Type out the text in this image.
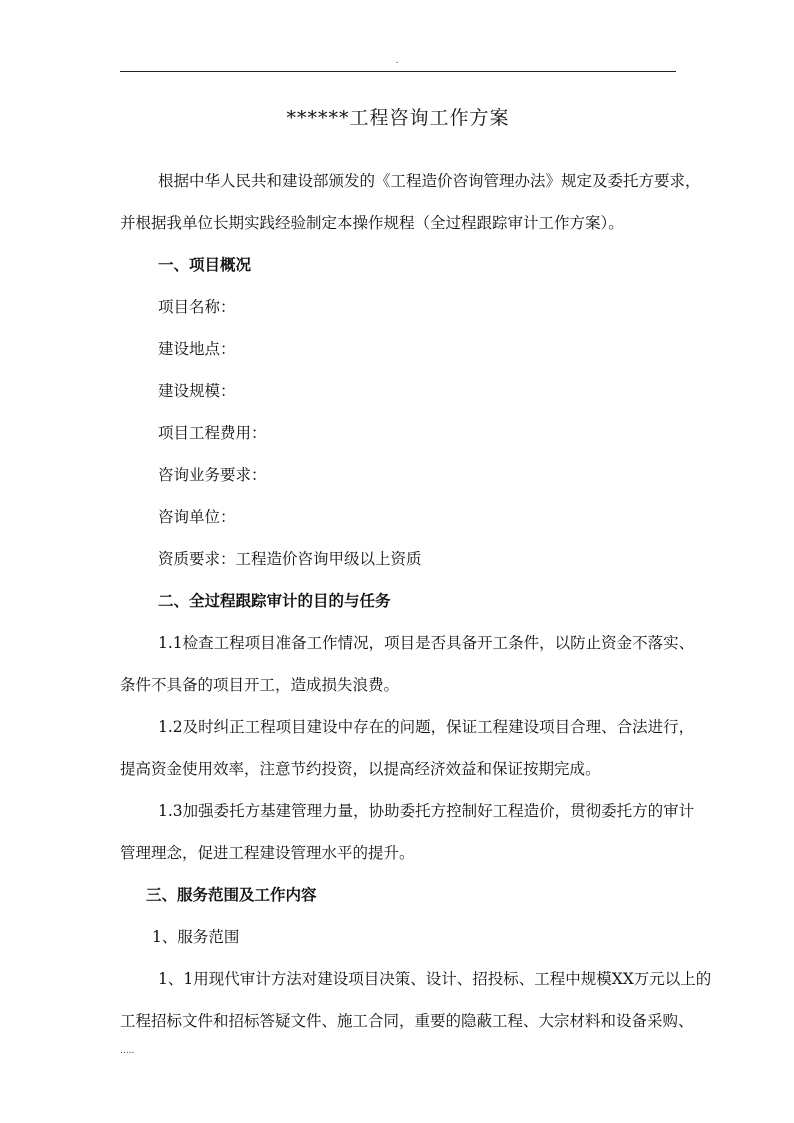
.
******工程咨询工作方案
根据中华人民共和建设部颁发的《工程造价咨询管理办法》规定及委托方要求，
并根据我单位长期实践经验制定本操作规程（全过程跟踪审计工作方案）。
一、项目概况
项目名称：
建设地点：
建设规模：
项目工程费用：
咨询业务要求：
咨询单位：
资质要求：工程造价咨询甲级以上资质
二、全过程跟踪审计的目的与任务
1.1检查工程项目准备工作情况，项目是否具备开工条件，以防止资金不落实、
条件不具备的项目开工，造成损失浪费。
1.2及时纠正工程项目建设中存在的问题，保证工程建设项目合理、合法进行，
提高资金使用效率，注意节约投资，以提高经济效益和保证按期完成。
1.3加强委托方基建管理力量，协助委托方控制好工程造价，贯彻委托方的审计
管理理念，促进工程建设管理水平的提升。
三、服务范围及工作内容
1、服务范围
1、1用现代审计方法对建设项目决策、设计、招投标、工程中规模XX万元以上的
工程招标文件和招标答疑文件、施工合同，重要的隐蔽工程、大宗材料和设备采购、
.....
